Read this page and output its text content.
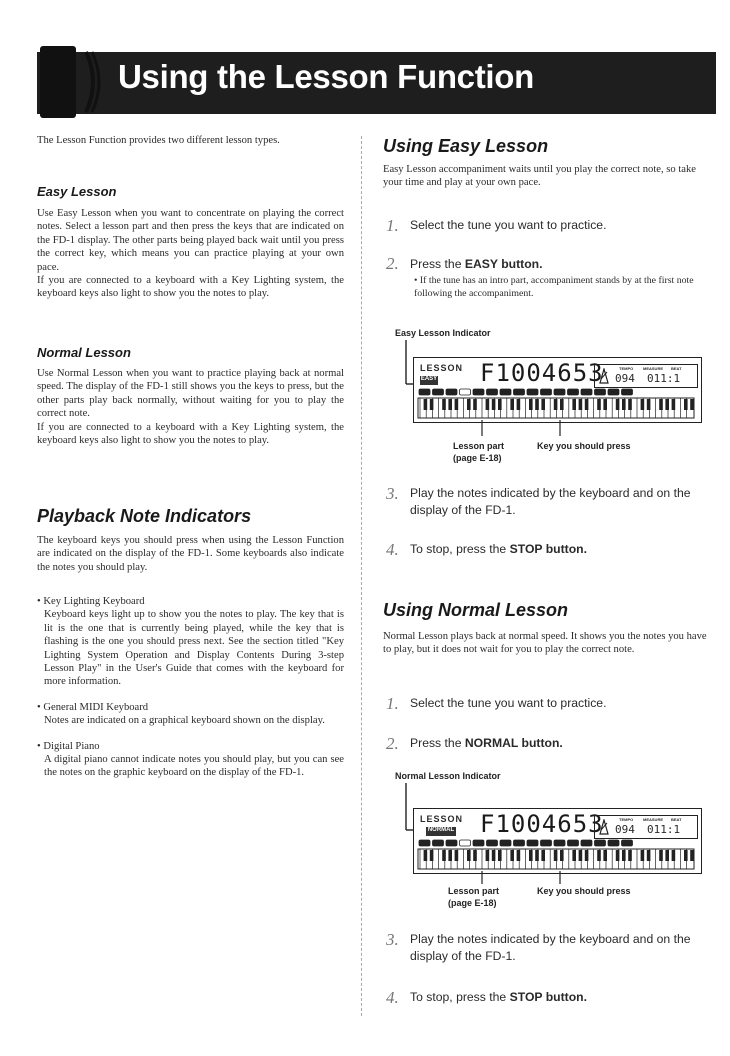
Using the Lesson Function
The Lesson Function provides two different lesson types.
Easy Lesson
Use Easy Lesson when you want to concentrate on playing the correct notes. Select a lesson part and then press the keys that are indicated on the FD-1 display. The other parts being played back wait until you press the correct key, which means you can practice playing at your own pace.
If you are connected to a keyboard with a Key Lighting system, the keyboard keys also light to show you the notes to play.
Normal Lesson
Use Normal Lesson when you want to practice playing back at normal speed. The display of the FD-1 still shows you the keys to press, but the other parts play back normally, without waiting for you to play the correct note.
If you are connected to a keyboard with a Key Lighting system, the keyboard keys also light to show you the notes to play.
Playback Note Indicators
The keyboard keys you should press when using the Lesson Function are indicated on the display of the FD-1. Some keyboards also indicate the notes you should play.
• Key Lighting Keyboard
Keyboard keys light up to show you the notes to play. The key that is lit is the one that is currently being played, while the key that is flashing is the one you should press next. See the section titled "Key Lighting System Operation and Display Contents During 3-step Lesson Play" in the User's Guide that comes with the keyboard for more information.
• General MIDI Keyboard
Notes are indicated on a graphical keyboard shown on the display.
• Digital Piano
A digital piano cannot indicate notes you should play, but you can see the notes on the graphic keyboard on the display of the FD-1.
Using Easy Lesson
Easy Lesson accompaniment waits until you play the correct note, so take your time and play at your own pace.
1. Select the tune you want to practice.
2. Press the EASY button.
• If the tune has an intro part, accompaniment stands by at the first note following the accompaniment.
Easy Lesson Indicator
LESSON
EASY F1004653	TEMPO MEASURE BEAT
094 011:1
Lesson part
(page E-18)
Key you should press
3. Play the notes indicated by the keyboard and on the display of the FD-1.
4. To stop, press the STOP button.
Using Normal Lesson
Normal Lesson plays back at normal speed. It shows you the notes you have to play, but it does not wait for you to play the correct note.
1. Select the tune you want to practice.
2. Press the NORMAL button.
Normal Lesson Indicator
LESSON
NORMAL F1004653	TEMPO MEASURE BEAT
094 011:1
Lesson part
(page E-18)
Key you should press
3. Play the notes indicated by the keyboard and on the display of the FD-1.
4. To stop, press the STOP button.
